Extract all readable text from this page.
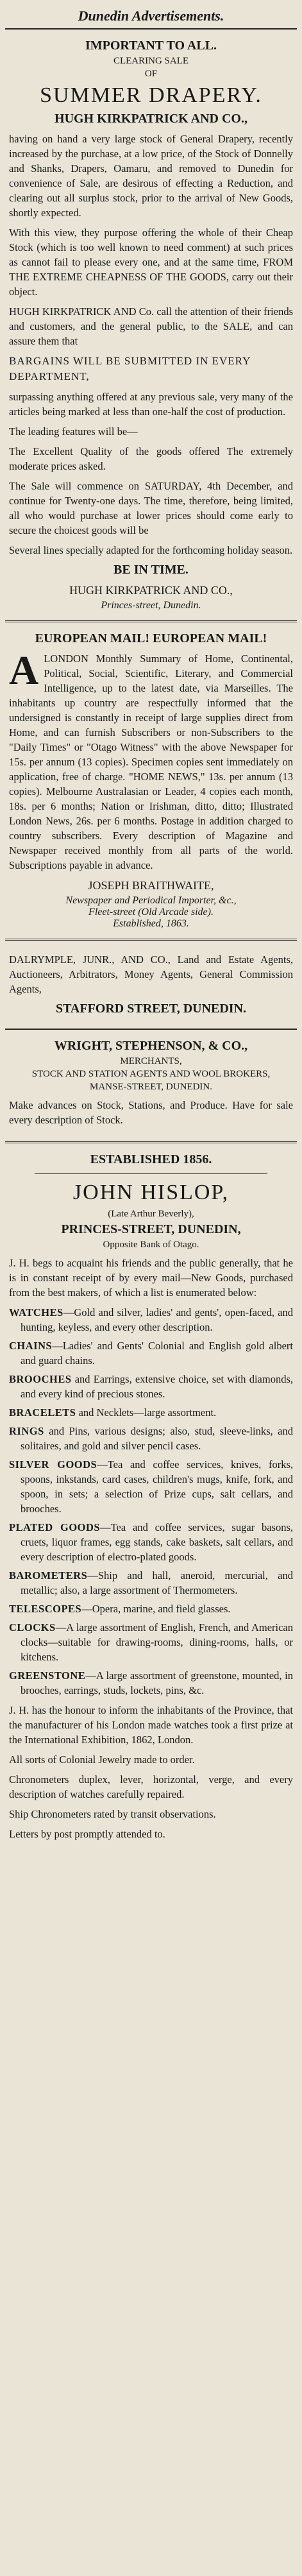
Dunedin Advertisements.
IMPORTANT TO ALL.
CLEARING SALE
OF
SUMMER DRAPERY.
HUGH KIRKPATRICK AND CO.,

having on hand a very large stock of General Drapery, recently increased by the purchase, at a low price, of the Stock of Donnelly and Shanks, Drapers, Oamaru, and removed to Dunedin for convenience of Sale, are desirous of effecting a Reduction, and clearing out all surplus stock, prior to the arrival of New Goods, shortly expected.

With this view, they purpose offering the whole of their Cheap Stock (which is too well known to need comment) at such prices as cannot fail to please every one, and at the same time, FROM THE EXTREME CHEAPNESS OF THE GOODS, carry out their object.

HUGH KIRKPATRICK AND Co. call the attention of their friends and customers, and the general public, to the SALE, and can assure them that

BARGAINS WILL BE SUBMITTED IN EVERY DEPARTMENT,

surpassing anything offered at any previous sale, very many of the articles being marked at less than one-half the cost of production.

The leading features will be—

The Excellent Quality of the goods offered The extremely moderate prices asked.

The Sale will commence on SATURDAY, 4th December, and continue for Twenty-one days. The time, therefore, being limited, all who would purchase at lower prices should come early to secure the choicest goods will be

Several lines specially adapted for the forthcoming holiday season.

BE IN TIME.
HUGH KIRKPATRICK AND CO.,
Princes-street, Dunedin.
EUROPEAN MAIL! EUROPEAN MAIL!

ALONDON Monthly Summary of Home, Continental, Political, Social, Scientific, Literary, and Commercial Intelligence, up to the latest date, via Marseilles. The inhabitants up country are respectfully informed that the undersigned is constantly in receipt of large supplies direct from Home, and can furnish Subscribers or non-Subscribers to the "Daily Times" or "Otago Witness" with the above Newspaper for 15s. per annum (13 copies). Specimen copies sent immediately on application, free of charge. "HOME NEWS," 13s. per annum (13 copies). Melbourne Australasian or Leader, 4 copies each month, 18s. per 6 months; Nation or Irishman, ditto, ditto; Illustrated London News, 26s. per 6 months. Postage in addition charged to country subscribers. Every description of Magazine and Newspaper received monthly from all parts of the world. Subscriptions payable in advance.

JOSEPH BRAITHWAITE,
Newspaper and Periodical Importer, &c.,
Fleet-street (Old Arcade side).
Established, 1863.

DALRYMPLE, JUNR., AND CO., Land and Estate Agents, Auctioneers, Arbitrators, Money Agents, General Commission Agents,

STAFFORD STREET, DUNEDIN.
WRIGHT, STEPHENSON, & CO.,
MERCHANTS,
STOCK AND STATION AGENTS AND WOOL BROKERS,
MANSE-STREET, DUNEDIN.

Make advances on Stock, Stations, and Produce. Have for sale every description of Stock.

ESTABLISHED 1856.
JOHN HISLOP,
(Late Arthur Beverly),
PRINCES-STREET, DUNEDIN,
Opposite Bank of Otago.

J. H. begs to acquaint his friends and the public generally, that he is in constant receipt of by every mail—New Goods, purchased from the best makers, of which a list is enumerated below:

WATCHES—Gold and silver, ladies' and gents', open-faced, and hunting, keyless, and every other description.

CHAINS—Ladies' and Gents' Colonial and English gold albert and guard chains.

BROOCHES and Earrings, extensive choice, set with diamonds, and every kind of precious stones.

BRACELETS and Necklets—large assortment.

RINGS and Pins, various designs; also, stud, sleeve-links, and solitaires, and gold and silver pencil cases.

SILVER GOODS—Tea and coffee services, knives, forks, spoons, inkstands, card cases, children's mugs, knife, fork, and spoon, in sets; a selection of Prize cups, salt cellars, and brooches.

PLATED GOODS—Tea and coffee services, sugar basons, cruets, liquor frames, egg stands, cake baskets, salt cellars, and every description of electro-plated goods.

BAROMETERS—Ship and hall, aneroid, mercurial, and metallic; also, a large assortment of Thermometers.

TELESCOPES—Opera, marine, and field glasses.

CLOCKS—A large assortment of English, French, and American clocks—suitable for drawing-rooms, dining-rooms, halls, or kitchens.

GREENSTONE—A large assortment of greenstone, mounted, in brooches, earrings, studs, lockets, pins, &c.

J. H. has the honour to inform the inhabitants of the Province, that the manufacturer of his London made watches took a first prize at the International Exhibition, 1862, London.

All sorts of Colonial Jewelry made to order.

Chronometers duplex, lever, horizontal, verge, and every description of watches carefully repaired.

Ship Chronometers rated by transit observations.

Letters by post promptly attended to.
